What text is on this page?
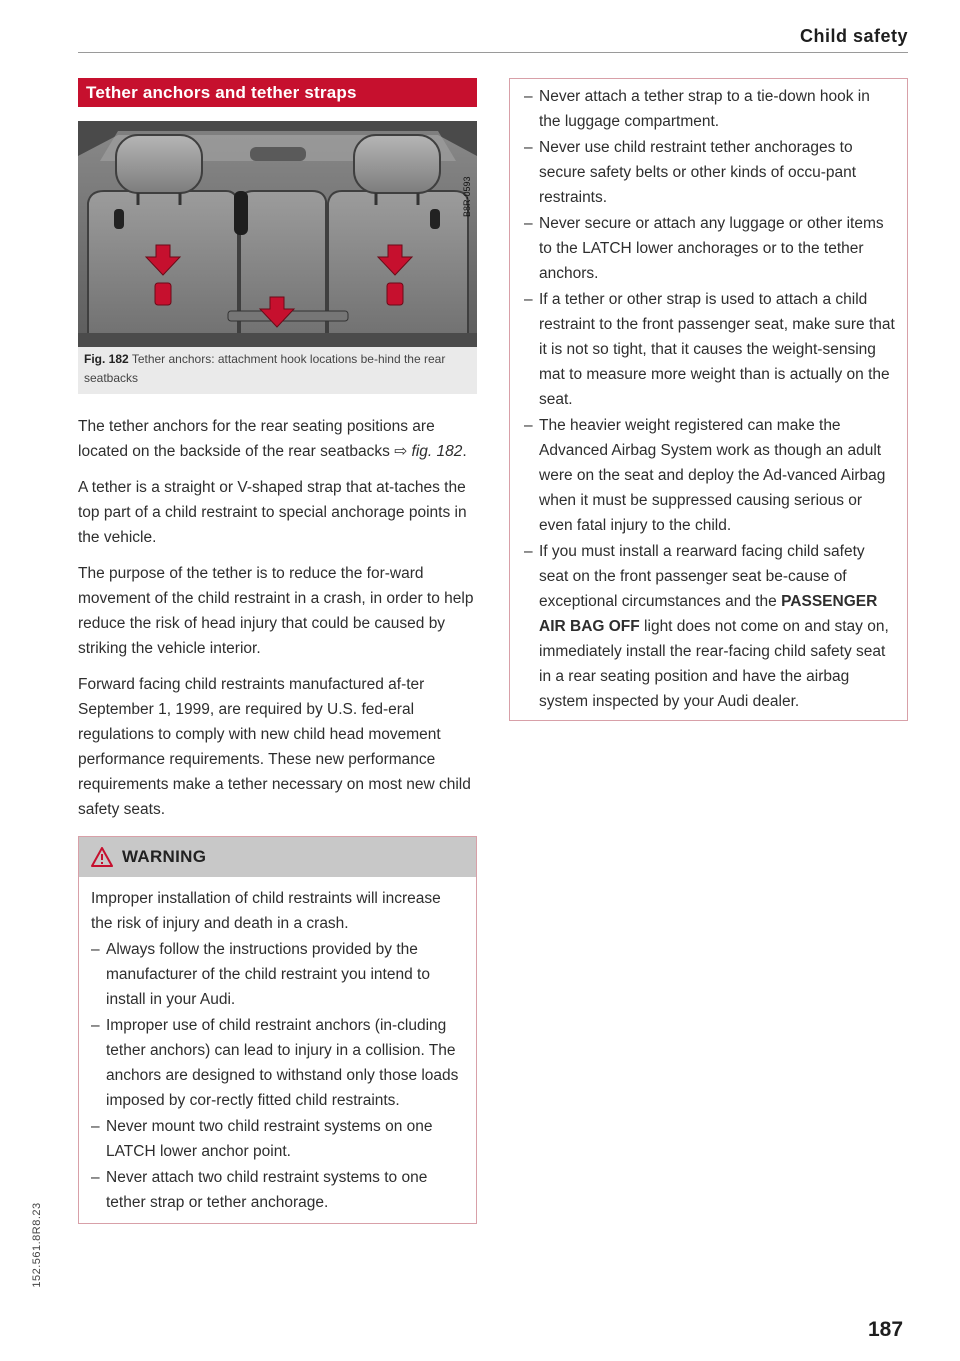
Child safety
Tether anchors and tether straps
B8R-0593
Fig. 182 Tether anchors: attachment hook locations be-hind the rear seatbacks

The tether anchors for the rear seating positions are located on the backside of the rear seatbacks ⇨ fig. 182.

A tether is a straight or V-shaped strap that at-taches the top part of a child restraint to special anchorage points in the vehicle.

The purpose of the tether is to reduce the for-ward movement of the child restraint in a crash, in order to help reduce the risk of head injury that could be caused by striking the vehicle interior.

Forward facing child restraints manufactured af-ter September 1, 1999, are required by U.S. fed-eral regulations to comply with new child head movement performance requirements. These new performance requirements make a tether necessary on most new child safety seats.

WARNING

Improper installation of child restraints will increase the risk of injury and death in a crash.

– Always follow the instructions provided by the manufacturer of the child restraint you intend to install in your Audi.
– Improper use of child restraint anchors (in-cluding tether anchors) can lead to injury in a collision. The anchors are designed to withstand only those loads imposed by cor-rectly fitted child restraints.
– Never mount two child restraint systems on one LATCH lower anchor point.
– Never attach two child restraint systems to one tether strap or tether anchorage.
– Never attach a tether strap to a tie-down hook in the luggage compartment.
– Never use child restraint tether anchorages to secure safety belts or other kinds of occu-pant restraints.
– Never secure or attach any luggage or other items to the LATCH lower anchorages or to the tether anchors.
– If a tether or other strap is used to attach a child restraint to the front passenger seat, make sure that it is not so tight, that it causes the weight-sensing mat to measure more weight than is actually on the seat.
– The heavier weight registered can make the Advanced Airbag System work as though an adult were on the seat and deploy the Ad-vanced Airbag when it must be suppressed causing serious or even fatal injury to the child.
– If you must install a rearward facing child safety seat on the front passenger seat be-cause of exceptional circumstances and the PASSENGER AIR BAG OFF light does not come on and stay on, immediately install the rear-facing child safety seat in a rear seating position and have the airbag system inspected by your Audi dealer.
152.561.8R8.23
187
